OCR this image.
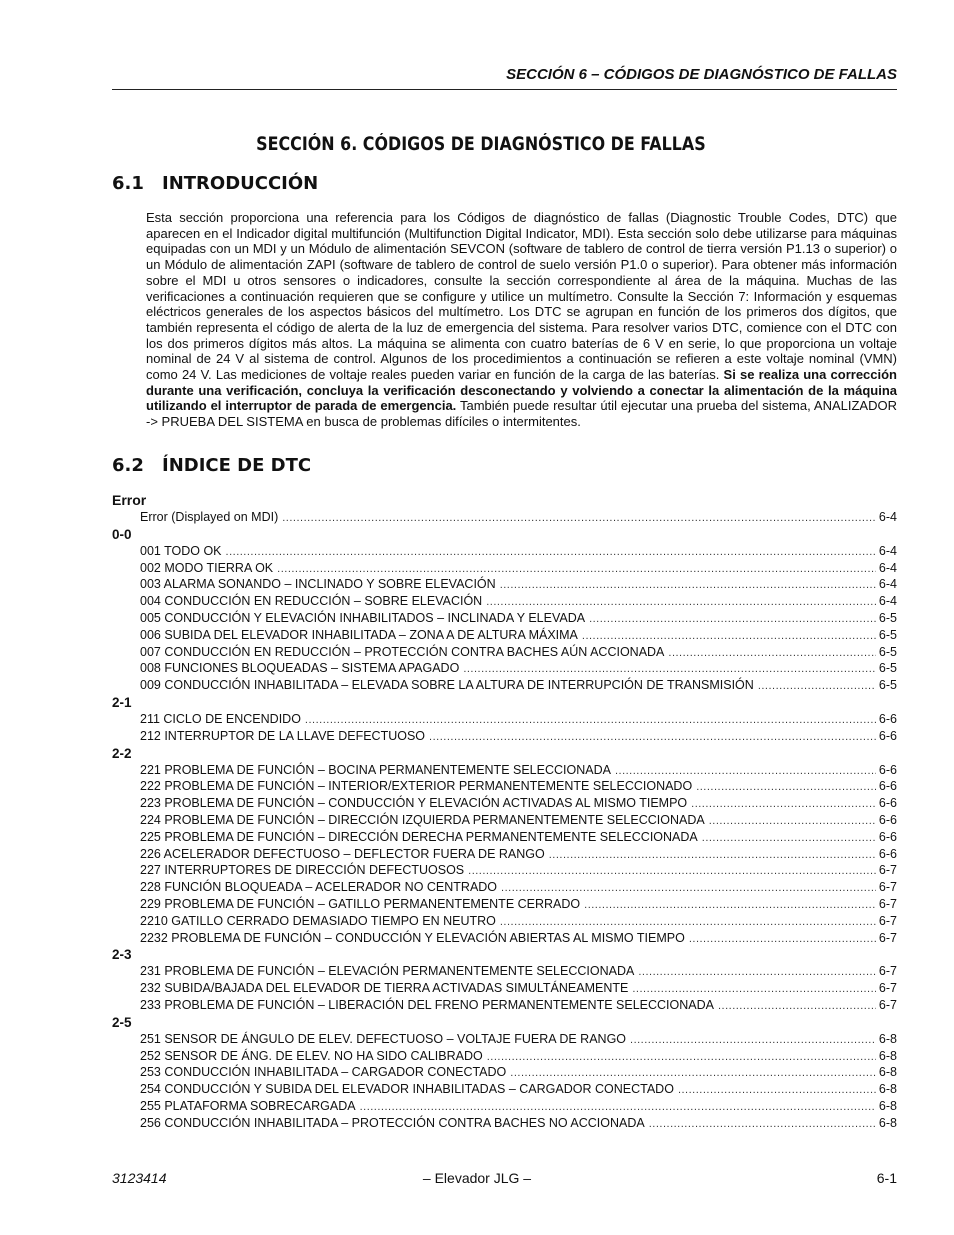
SECCIÓN 6 – CÓDIGOS DE DIAGNÓSTICO DE FALLAS
SECCIÓN 6. CÓDIGOS DE DIAGNÓSTICO DE FALLAS
6.1 INTRODUCCIÓN

Esta sección proporciona una referencia para los Códigos de diagnóstico de fallas (Diagnostic Trouble Codes, DTC) que aparecen en el Indicador digital multifunción (Multifunction Digital Indicator, MDI). Esta sección solo debe utilizarse para máquinas equipadas con un MDI y un Módulo de alimentación SEVCON (software de tablero de control de tierra versión P1.13 o superior) o un Módulo de alimentación ZAPI (software de tablero de control de suelo versión P1.0 o superior). Para obtener más información sobre el MDI u otros sensores o indicadores, consulte la sección correspondiente al área de la máquina. Muchas de las verificaciones a continuación requieren que se configure y utilice un multímetro. Consulte la Sección 7: Información y esquemas eléctricos generales de los aspectos básicos del multímetro. Los DTC se agrupan en función de los primeros dos dígitos, que también representa el código de alerta de la luz de emergencia del sistema. Para resolver varios DTC, comience con el DTC con los dos primeros dígitos más altos. La máquina se alimenta con cuatro baterías de 6 V en serie, lo que proporciona un voltaje nominal de 24 V al sistema de control. Algunos de los procedimientos a continuación se refieren a este voltaje nominal (VMN) como 24 V. Las mediciones de voltaje reales pueden variar en función de la carga de las baterías. Si se realiza una corrección durante una verificación, concluya la verificación desconectando y volviendo a conectar la alimentación de la máquina utilizando el interruptor de parada de emergencia. También puede resultar útil ejecutar una prueba del sistema, ANALIZADOR -> PRUEBA DEL SISTEMA en busca de problemas difíciles o intermitentes.

6.2 ÍNDICE DE DTC
Error
Error (Displayed on MDI) .....	6-4
0-0
001 TODO OK .....	6-4
002 MODO TIERRA OK .....	6-4
003 ALARMA SONANDO – INCLINADO Y SOBRE ELEVACIÓN .....	6-4
004 CONDUCCIÓN EN REDUCCIÓN – SOBRE ELEVACIÓN .....	6-4
005 CONDUCCIÓN Y ELEVACIÓN INHABILITADOS – INCLINADA Y ELEVADA .....	6-5
006 SUBIDA DEL ELEVADOR INHABILITADA – ZONA A DE ALTURA MÁXIMA .....	6-5
007 CONDUCCIÓN EN REDUCCIÓN – PROTECCIÓN CONTRA BACHES AÚN ACCIONADA .....	6-5
008 FUNCIONES BLOQUEADAS – SISTEMA APAGADO .....	6-5
009 CONDUCCIÓN INHABILITADA – ELEVADA SOBRE LA ALTURA DE INTERRUPCIÓN DE TRANSMISIÓN .....	6-5
2-1
211 CICLO DE ENCENDIDO .....	6-6
212 INTERRUPTOR DE LA LLAVE DEFECTUOSO .....	6-6
2-2
221 PROBLEMA DE FUNCIÓN – BOCINA PERMANENTEMENTE SELECCIONADA .....	6-6
222 PROBLEMA DE FUNCIÓN – INTERIOR/EXTERIOR PERMANENTEMENTE SELECCIONADO .....	6-6
223 PROBLEMA DE FUNCIÓN – CONDUCCIÓN Y ELEVACIÓN ACTIVADAS AL MISMO TIEMPO .....	6-6
224 PROBLEMA DE FUNCIÓN – DIRECCIÓN IZQUIERDA PERMANENTEMENTE SELECCIONADA .....	6-6
225 PROBLEMA DE FUNCIÓN – DIRECCIÓN DERECHA PERMANENTEMENTE SELECCIONADA .....	6-6
226 ACELERADOR DEFECTUOSO – DEFLECTOR FUERA DE RANGO .....	6-6
227 INTERRUPTORES DE DIRECCIÓN DEFECTUOSOS .....	6-7
228 FUNCIÓN BLOQUEADA – ACELERADOR NO CENTRADO .....	6-7
229 PROBLEMA DE FUNCIÓN – GATILLO PERMANENTEMENTE CERRADO .....	6-7
2210 GATILLO CERRADO DEMASIADO TIEMPO EN NEUTRO .....	6-7
2232 PROBLEMA DE FUNCIÓN – CONDUCCIÓN Y ELEVACIÓN ABIERTAS AL MISMO TIEMPO .....	6-7
2-3
231 PROBLEMA DE FUNCIÓN – ELEVACIÓN PERMANENTEMENTE SELECCIONADA .....	6-7
232 SUBIDA/BAJADA DEL ELEVADOR DE TIERRA ACTIVADAS SIMULTÁNEAMENTE .....	6-7
233 PROBLEMA DE FUNCIÓN – LIBERACIÓN DEL FRENO PERMANENTEMENTE SELECCIONADA .....	6-7
2-5
251 SENSOR DE ÁNGULO DE ELEV. DEFECTUOSO – VOLTAJE FUERA DE RANGO .....	6-8
252 SENSOR DE ÁNG. DE ELEV. NO HA SIDO CALIBRADO .....	6-8
253 CONDUCCIÓN INHABILITADA – CARGADOR CONECTADO .....	6-8
254 CONDUCCIÓN Y SUBIDA DEL ELEVADOR INHABILITADAS – CARGADOR CONECTADO .....	6-8
255 PLATAFORMA SOBRECARGADA .....	6-8
256 CONDUCCIÓN INHABILITADA – PROTECCIÓN CONTRA BACHES NO ACCIONADA .....	6-8
3123414	– Elevador JLG –	6-1
